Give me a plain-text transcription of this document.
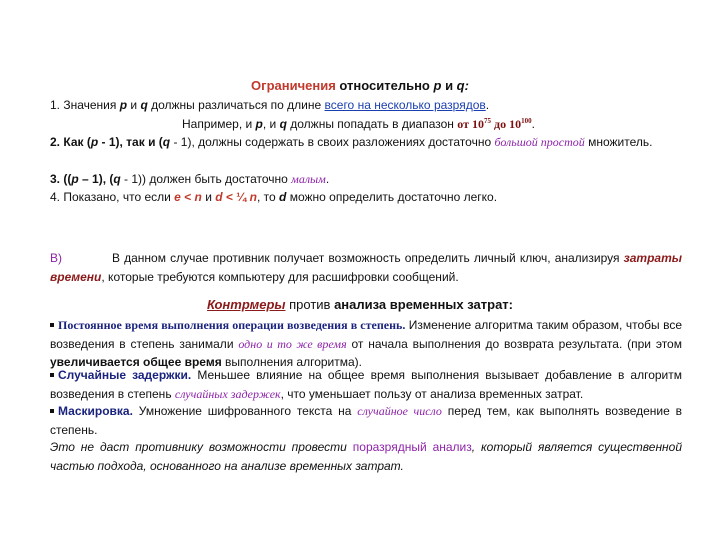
Ограничения относительно p и q:
1. Значения p и q должны различаться по длине всего на несколько разрядов.
Например, и p, и q должны попадать в диапазон от $10^{75}$ до $10^{100}$.
2. Как (p - 1), так и (q - 1), должны содержать в своих разложениях достаточно большой простой множитель.
3. ((p – 1), (q - 1)) должен быть достаточно малым.
4. Показано, что если e < n и d < ¼ n, то d можно определить достаточно легко.
B)	В данном случае противник получает возможность определить личный ключ, анализируя затраты времени, которые требуются компьютеру для расшифровки сообщений.
Контрмеры против анализа временных затрат:
Постоянное время выполнения операции возведения в степень. Изменение алгоритма таким образом, чтобы все возведения в степень занимали одно и то же время от начала выполнения до возврата результата. (при этом увеличивается общее время выполнения алгоритма).
Случайные задержки. Меньшее влияние на общее время выполнения вызывает добавление в алгоритм возведения в степень случайных задержек, что уменьшает пользу от анализа временных затрат.
Маскировка. Умножение шифрованного текста на случайное число перед тем, как выполнять возведение в степень.
Это не даст противнику возможности провести поразрядный анализ, который является существенной частью подхода, основанного на анализе временных затрат.
